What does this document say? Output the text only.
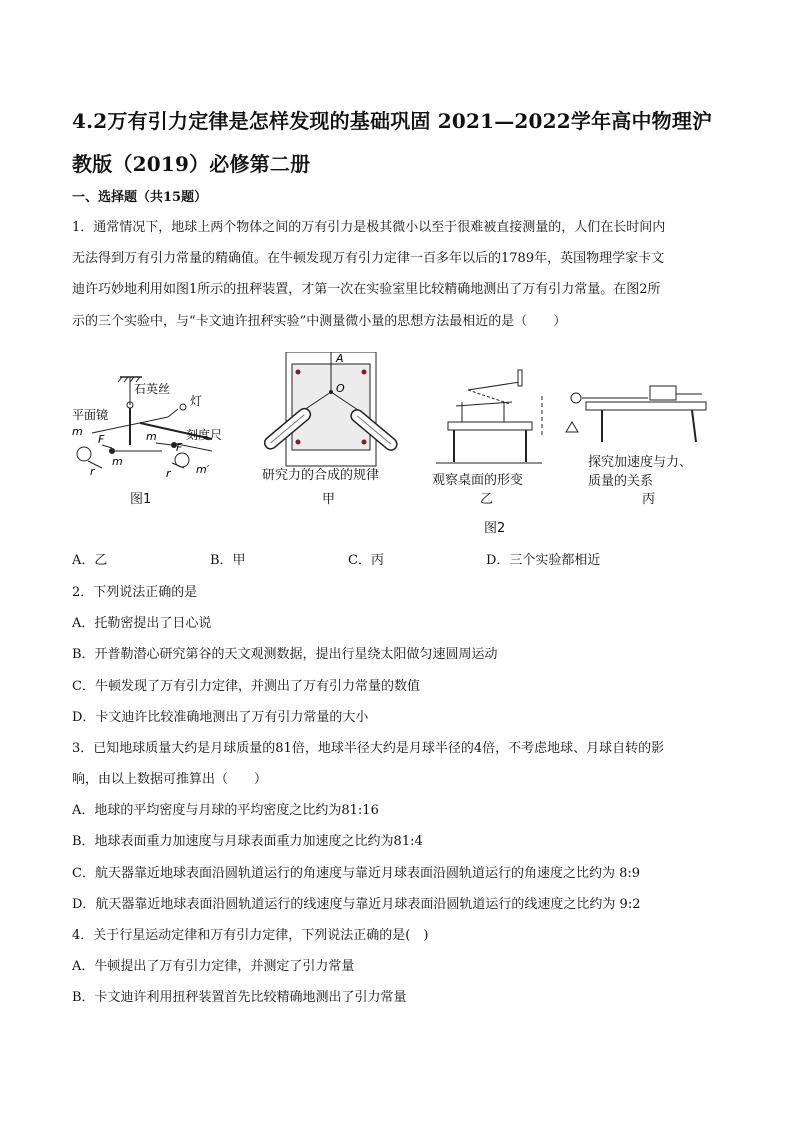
4.2万有引力定律是怎样发现的基础巩固 2021—2022学年高中物理沪教版（2019）必修第二册
一、选择题（共15题）
1．通常情况下，地球上两个物体之间的万有引力是极其微小以至于很难被直接测量的，人们在长时间内
无法得到万有引力常量的精确值。在牛顿发现万有引力定律一百多年以后的1789年，英国物理学家卡文
迪许巧妙地利用如图1所示的扭秤装置，才第一次在实验室里比较精确地测出了万有引力常量。在图2所
示的三个实验中，与“卡文迪许扭秤实验”中测量微小量的思想方法最相近的是（　　）
石英丝
灯
平面镜
刻度尺
m
m
m
m′
F
F
r	r
图1
A
O
研究力的合成的规律
甲
观察桌面的形变
乙
探究加速度与力、
质量的关系
丙
图2
A．乙	B．甲	C．丙	D．三个实验都相近
2．下列说法正确的是
A．托勒密提出了日心说
B．开普勒潜心研究第谷的天文观测数据，提出行星绕太阳做匀速圆周运动
C．牛顿发现了万有引力定律，并测出了万有引力常量的数值
D．卡文迪许比较准确地测出了万有引力常量的大小
3．已知地球质量大约是月球质量的81倍，地球半径大约是月球半径的4倍，不考虑地球、月球自转的影
响，由以上数据可推算出（　　）
A．地球的平均密度与月球的平均密度之比约为81:16
B．地球表面重力加速度与月球表面重力加速度之比约为81:4
C．航天器靠近地球表面沿圆轨道运行的角速度与靠近月球表面沿圆轨道运行的角速度之比约为 8:9
D．航天器靠近地球表面沿圆轨道运行的线速度与靠近月球表面沿圆轨道运行的线速度之比约为 9:2
4．关于行星运动定律和万有引力定律，下列说法正确的是(　)
A．牛顿提出了万有引力定律，并测定了引力常量
B．卡文迪许利用扭秤装置首先比较精确地测出了引力常量
